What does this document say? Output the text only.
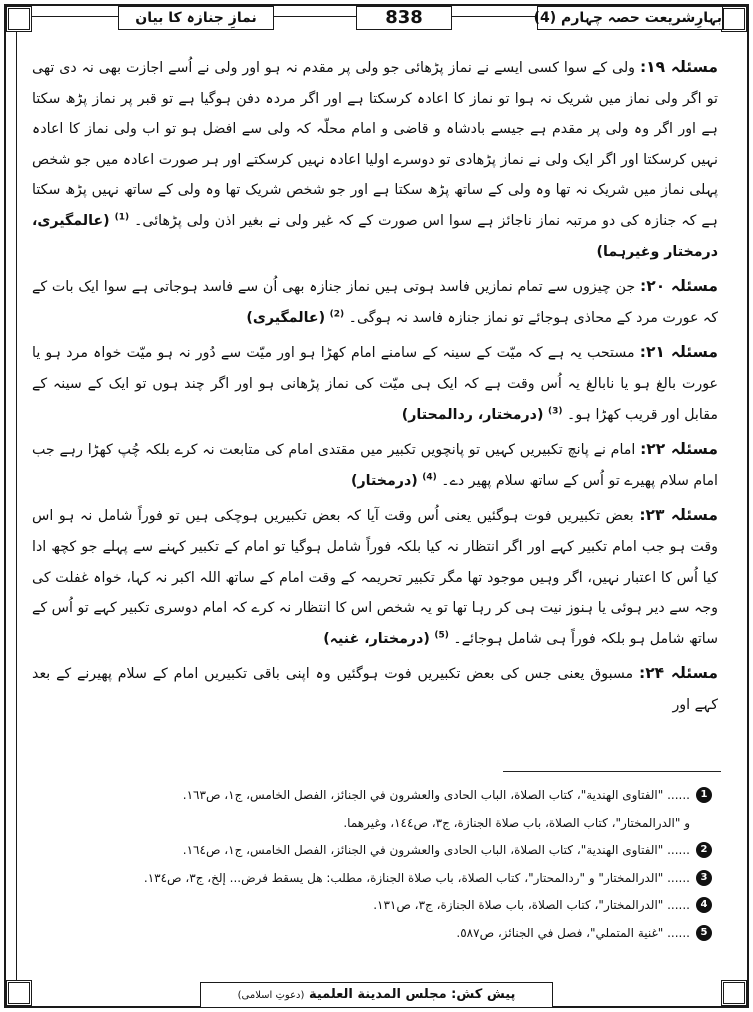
بہارِشریعت حصہ چہارم (4)
838
نمازِ جنازہ کا بیان

مسئلہ ۱۹: ولی کے سوا کسی ایسے نے نماز پڑھائی جو ولی پر مقدم نہ ہو اور ولی نے اُسے اجازت بھی نہ دی تھی تو اگر ولی نماز میں شریک نہ ہوا تو نماز کا اعادہ کرسکتا ہے اور اگر مردہ دفن ہوگیا ہے تو قبر پر نماز پڑھ سکتا ہے اور اگر وہ ولی پر مقدم ہے جیسے بادشاہ و قاضی و امام محلّہ کہ ولی سے افضل ہو تو اب ولی نماز کا اعادہ نہیں کرسکتا اور اگر ایک ولی نے نماز پڑھادی تو دوسرے اولیا اعادہ نہیں کرسکتے اور ہر صورت اعادہ میں جو شخص پہلی نماز میں شریک نہ تھا وہ ولی کے ساتھ پڑھ سکتا ہے اور جو شخص شریک تھا وہ ولی کے ساتھ نہیں پڑھ سکتا ہے کہ جنازہ کی دو مرتبہ نماز ناجائز ہے سوا اس صورت کے کہ غیر ولی نے بغیر اذن ولی پڑھائی۔ $^{(1)}$ (عالمگیری، درمختار وغیرہما)

مسئلہ ۲۰: جن چیزوں سے تمام نمازیں فاسد ہوتی ہیں نماز جنازہ بھی اُن سے فاسد ہوجاتی ہے سوا ایک بات کے کہ عورت مرد کے محاذی ہوجائے تو نماز جنازہ فاسد نہ ہوگی۔ $^{(2)}$ (عالمگیری)

مسئلہ ۲۱: مستحب یہ ہے کہ میّت کے سینہ کے سامنے امام کھڑا ہو اور میّت سے دُور نہ ہو میّت خواہ مرد ہو یا عورت بالغ ہو یا نابالغ یہ اُس وقت ہے کہ ایک ہی میّت کی نماز پڑھانی ہو اور اگر چند ہوں تو ایک کے سینہ کے مقابل اور قریب کھڑا ہو۔ $^{(3)}$ (درمختار، ردالمحتار)

مسئلہ ۲۲: امام نے پانچ تکبیریں کہیں تو پانچویں تکبیر میں مقتدی امام کی متابعت نہ کرے بلکہ چُپ کھڑا رہے جب امام سلام پھیرے تو اُس کے ساتھ سلام پھیر دے۔ $^{(4)}$ (درمختار)

مسئلہ ۲۳: بعض تکبیریں فوت ہوگئیں یعنی اُس وقت آیا کہ بعض تکبیریں ہوچکی ہیں تو فوراً شامل نہ ہو اس وقت ہو جب امام تکبیر کہے اور اگر انتظار نہ کیا بلکہ فوراً شامل ہوگیا تو امام کے تکبیر کہنے سے پہلے جو کچھ ادا کیا اُس کا اعتبار نہیں، اگر وہیں موجود تھا مگر تکبیر تحریمہ کے وقت امام کے ساتھ اللہ اکبر نہ کہا، خواہ غفلت کی وجہ سے دیر ہوئی یا ہنوز نیت ہی کر رہا تھا تو یہ شخص اس کا انتظار نہ کرے کہ امام دوسری تکبیر کہے تو اُس کے ساتھ شامل ہو بلکہ فوراً ہی شامل ہوجائے۔ $^{(5)}$ (درمختار، غنیہ)

مسئلہ ۲۴: مسبوق یعنی جس کی بعض تکبیریں فوت ہوگئیں وہ اپنی باقی تکبیریں امام کے سلام پھیرنے کے بعد کہے اور

1
...... "الفتاوى الهندية"، كتاب الصلاة، الباب الحادى والعشرون في الجنائز، الفصل الخامس، ج١، ص١٦٣.

و "الدرالمختار"، كتاب الصلاة، باب صلاة الجنازة، ج٣، ص١٤٤، وغيرهما.

2
...... "الفتاوى الهندية"، كتاب الصلاة، الباب الحادى والعشرون في الجنائز، الفصل الخامس، ج١، ص١٦٤.

3
...... "الدرالمختار" و "ردالمحتار"، كتاب الصلاة، باب صلاة الجنازة، مطلب: هل يسقط فرض... إلخ، ج٣، ص١٣٤.

4
...... "الدرالمختار"، كتاب الصلاة، باب صلاة الجنازة، ج٣، ص١٣١.

5
...... "غنية المتملي"، فصل في الجنائز، ص٥٨٧.

پیش کش: مجلس المدينة العلمية (دعوتِ اسلامی)
